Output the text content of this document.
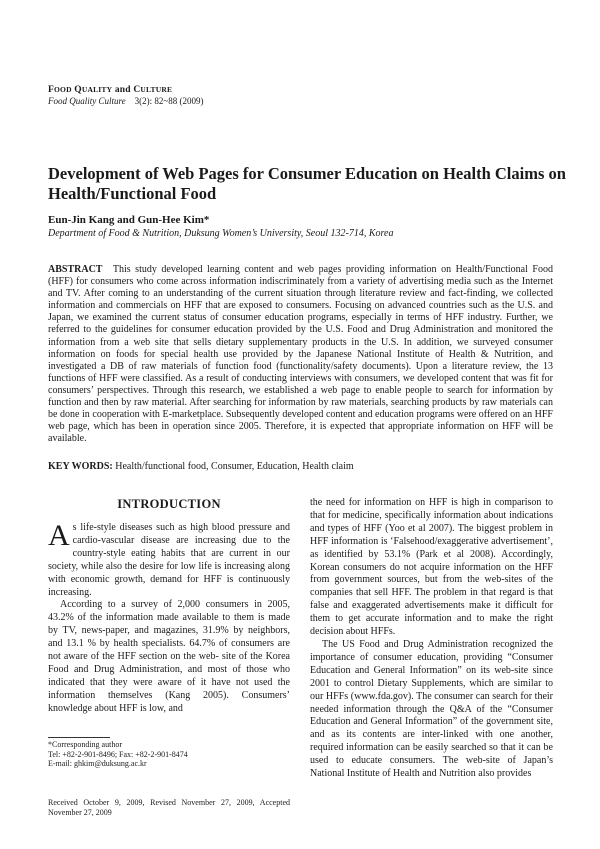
FOOD QUALITY and CULTURE
Food Quality Culture 3(2): 82~88 (2009)
Development of Web Pages for Consumer Education on Health Claims on Health/Functional Food
Eun-Jin Kang and Gun-Hee Kim*
Department of Food & Nutrition, Duksung Women’s University, Seoul 132-714, Korea

ABSTRACT This study developed learning content and web pages providing information on Health/Functional Food (HFF) for consumers who come across information indiscriminately from a variety of advertising media such as the Internet and TV. After coming to an understanding of the current situation through literature review and fact-finding, we collected information and commercials on HFF that are exposed to consumers. Focusing on advanced countries such as the U.S. and Japan, we examined the current status of consumer education programs, especially in terms of HFF industry. Further, we referred to the guidelines for consumer education provided by the U.S. Food and Drug Administration and monitored the information from a web site that sells dietary supplementary products in the U.S. In addition, we surveyed consumer information on foods for special health use provided by the Japanese National Institute of Health & Nutrition, and investigated a DB of raw materials of function food (functionality/safety documents). Upon a literature review, the 13 functions of HFF were classified. As a result of conducting interviews with consumers, we developed content that was fit for consumers’ perspectives. Through this research, we established a web page to enable people to search for information by function and then by raw material. After searching for information by raw materials, searching products by raw materials can be done in cooperation with E-marketplace. Subsequently developed content and education programs were offered on an HFF web page, which has been in operation since 2005. Therefore, it is expected that appropriate information on HFF will be available.

KEY WORDS: Health/functional food, Consumer, Education, Health claim
INTRODUCTION

As life-style diseases such as high blood pressure and cardio-vascular disease are increasing due to the country-style eating habits that are current in our society, while also the desire for low life is increasing along with economic growth, demand for HFF is continuously increasing.

According to a survey of 2,000 consumers in 2005, 43.2% of the information made available to them is made by TV, news-paper, and magazines, 31.9% by neighbors, and 13.1 % by health specialists. 64.7% of consumers are not aware of the HFF section on the web- site of the Korea Food and Drug Administration, and most of those who indicated that they were aware of it have not used the information themselves (Kang 2005). Consumers’ knowledge about HFF is low, and

the need for information on HFF is high in comparison to that for medicine, specifically information about indications and types of HFF (Yoo et al 2007). The biggest problem in HFF information is ‘Falsehood/exaggerative advertisement’, as identified by 53.1% (Park et al 2008). Accordingly, Korean consumers do not acquire information on the HFF from government sources, but from the web-sites of the companies that sell HFF. The problem in that regard is that false and exaggerated advertisements make it difficult for them to get accurate information and to make the right decision about HFFs.

The US Food and Drug Administration recognized the importance of consumer education, providing “Consumer Education and General Information” on its web-site since 2001 to control Dietary Supplements, which are similar to our HFFs (www.fda.gov). The consumer can search for their needed information through the Q&A of the “Consumer Education and General Information” of the government site, and as its contents are inter-linked with one another, required information can be easily searched so that it can be used to educate consumers. The web-site of Japan’s National Institute of Health and Nutrition also provides

*Corresponding author
Tel: +82-2-901-8496; Fax: +82-2-901-8474
E-mail: ghkim@duksung.ac.kr
Received October 9, 2009, Revised November 27, 2009, Accepted November 27, 2009
